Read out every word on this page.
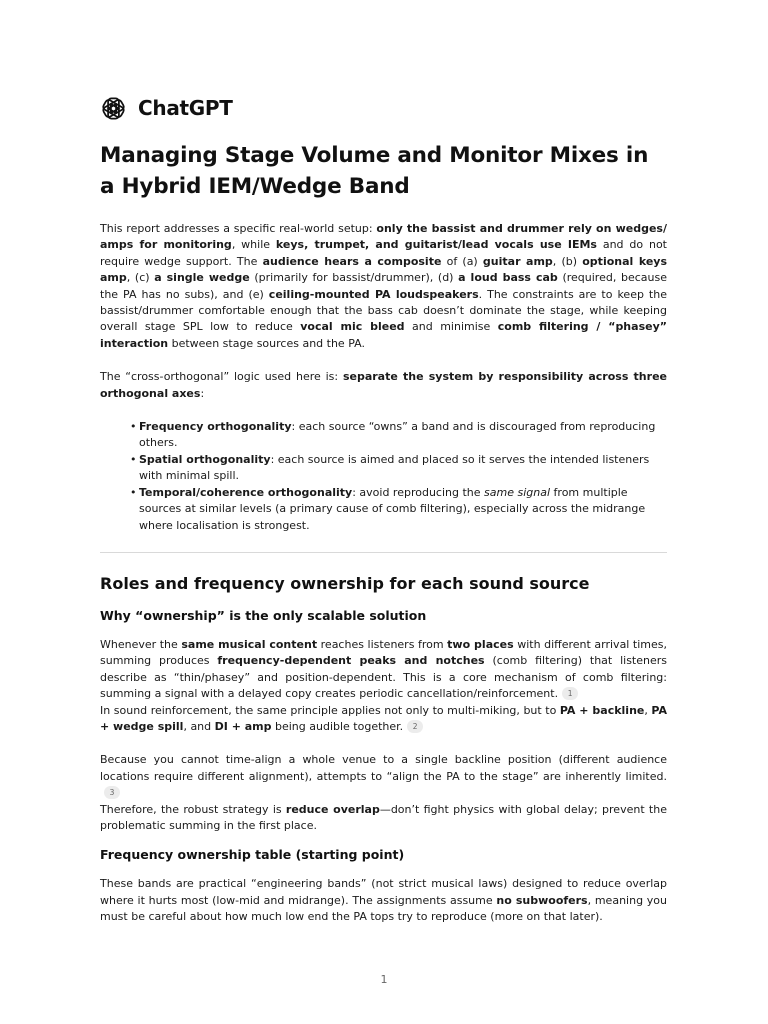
ChatGPT
Managing Stage Volume and Monitor Mixes in a Hybrid IEM/Wedge Band

This report addresses a specific real-world setup: only the bassist and drummer rely on wedges/ amps for monitoring, while keys, trumpet, and guitarist/lead vocals use IEMs and do not require wedge support. The audience hears a composite of (a) guitar amp, (b) optional keys amp, (c) a single wedge (primarily for bassist/drummer), (d) a loud bass cab (required, because the PA has no subs), and (e) ceiling-mounted PA loudspeakers. The constraints are to keep the bassist/drummer comfortable enough that the bass cab doesn’t dominate the stage, while keeping overall stage SPL low to reduce vocal mic bleed and minimise comb filtering / “phasey” interaction between stage sources and the PA.

The “cross-orthogonal” logic used here is: separate the system by responsibility across three orthogonal axes:

• Frequency orthogonality: each source “owns” a band and is discouraged from reproducing others.
• Spatial orthogonality: each source is aimed and placed so it serves the intended listeners with minimal spill.
• Temporal/coherence orthogonality: avoid reproducing the same signal from multiple sources at similar levels (a primary cause of comb filtering), especially across the midrange where localisation is strongest.
Roles and frequency ownership for each sound source
Why “ownership” is the only scalable solution

Whenever the same musical content reaches listeners from two places with different arrival times, summing produces frequency-dependent peaks and notches (comb filtering) that listeners describe as “thin/phasey” and position-dependent. This is a core mechanism of comb filtering: summing a signal with a delayed copy creates periodic cancellation/reinforcement. 1
In sound reinforcement, the same principle applies not only to multi-miking, but to PA + backline, PA + wedge spill, and DI + amp being audible together. 2

Because you cannot time-align a whole venue to a single backline position (different audience locations require different alignment), attempts to “align the PA to the stage” are inherently limited.3
Therefore, the robust strategy is reduce overlap—don’t fight physics with global delay; prevent the problematic summing in the first place.

Frequency ownership table (starting point)

These bands are practical “engineering bands” (not strict musical laws) designed to reduce overlap where it hurts most (low-mid and midrange). The assignments assume no subwoofers, meaning you must be careful about how much low end the PA tops try to reproduce (more on that later).

1
